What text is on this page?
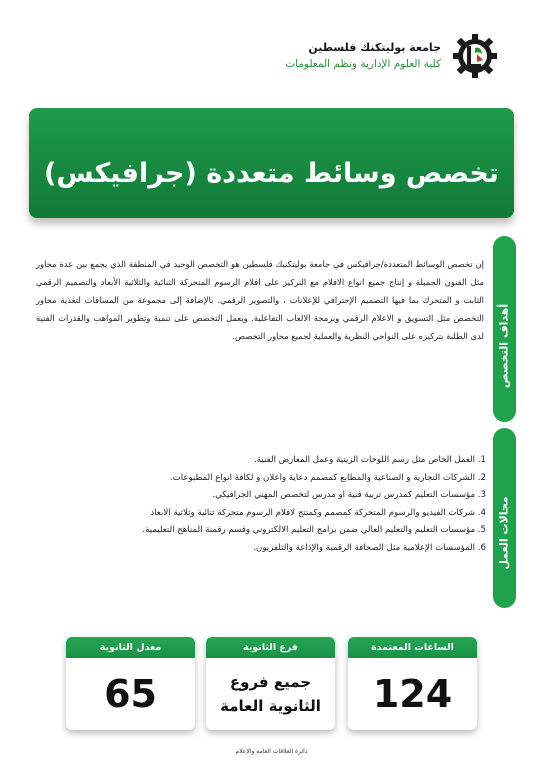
جامعة بوليتكنك فلسطين
كلية العلوم الإدارية ونظم المعلومات
تخصص وسائط متعددة (جرافيكس)
أهداف التخصص
مجالات العمل

إن تخصص الوسائط المتعددة/جرافيكس في جامعة بوليتكنيك فلسطين هو التخصص الوحيد في المنطقة الذي يجمع بين عدة محاور مثل الفنون الجميلة و إنتاج جميع انواع الافلام مع التركيز على افلام الرسوم المتحركة الثنائية والثلاثية الأبعاد والتصميم الرقمي الثابت و المتحرك بما فيها التصميم الإحترافي للإعلانات ، والتصوير الرقمي. بالإضافة إلى مجموعة من المساقات لتغذية محاور التخصص مثل التسويق و الاعلام الرقمي وبرمجة الالعاب التفاعلية. ويعمل التخصص على تنمية وتطوير المواهب والقدرات الفنية لدى الطلبة بتركيزه على النواحي النظرية والعملية لجميع محاور التخصص.

1. العمل الخاص مثل رسم اللوحات الزيتية وعمل المعارض الفنية.
2. الشركات التجارية و الصناعية والمطابع كمصمم دعاية واعلان و لكافة انواع المطبوعات.
3. مؤسسات التعليم كمدرس تربية فنية او مدرس لتخصص المهني الجرافيكي.
4. شركات الفيديو والرسوم المتحركة كمصمم وكمنتج لافلام الرسوم متحركة ثنائية وثلاثية الابعاد
5. مؤسسات التعليم والتعليم العالي ضمن برامج التعليم الالكتروني وقسم رقمنة المناهج التعليمية.
6. المؤسسات الإعلامية مثل الصحافة الرقمية والإذاعة والتلفزيون.
الساعات المعتمدة
124
فرع الثانوية
جميع فروع
الثانوية العامة
معدل الثانوية
65
دائرة العلاقات العامة والإعلام
